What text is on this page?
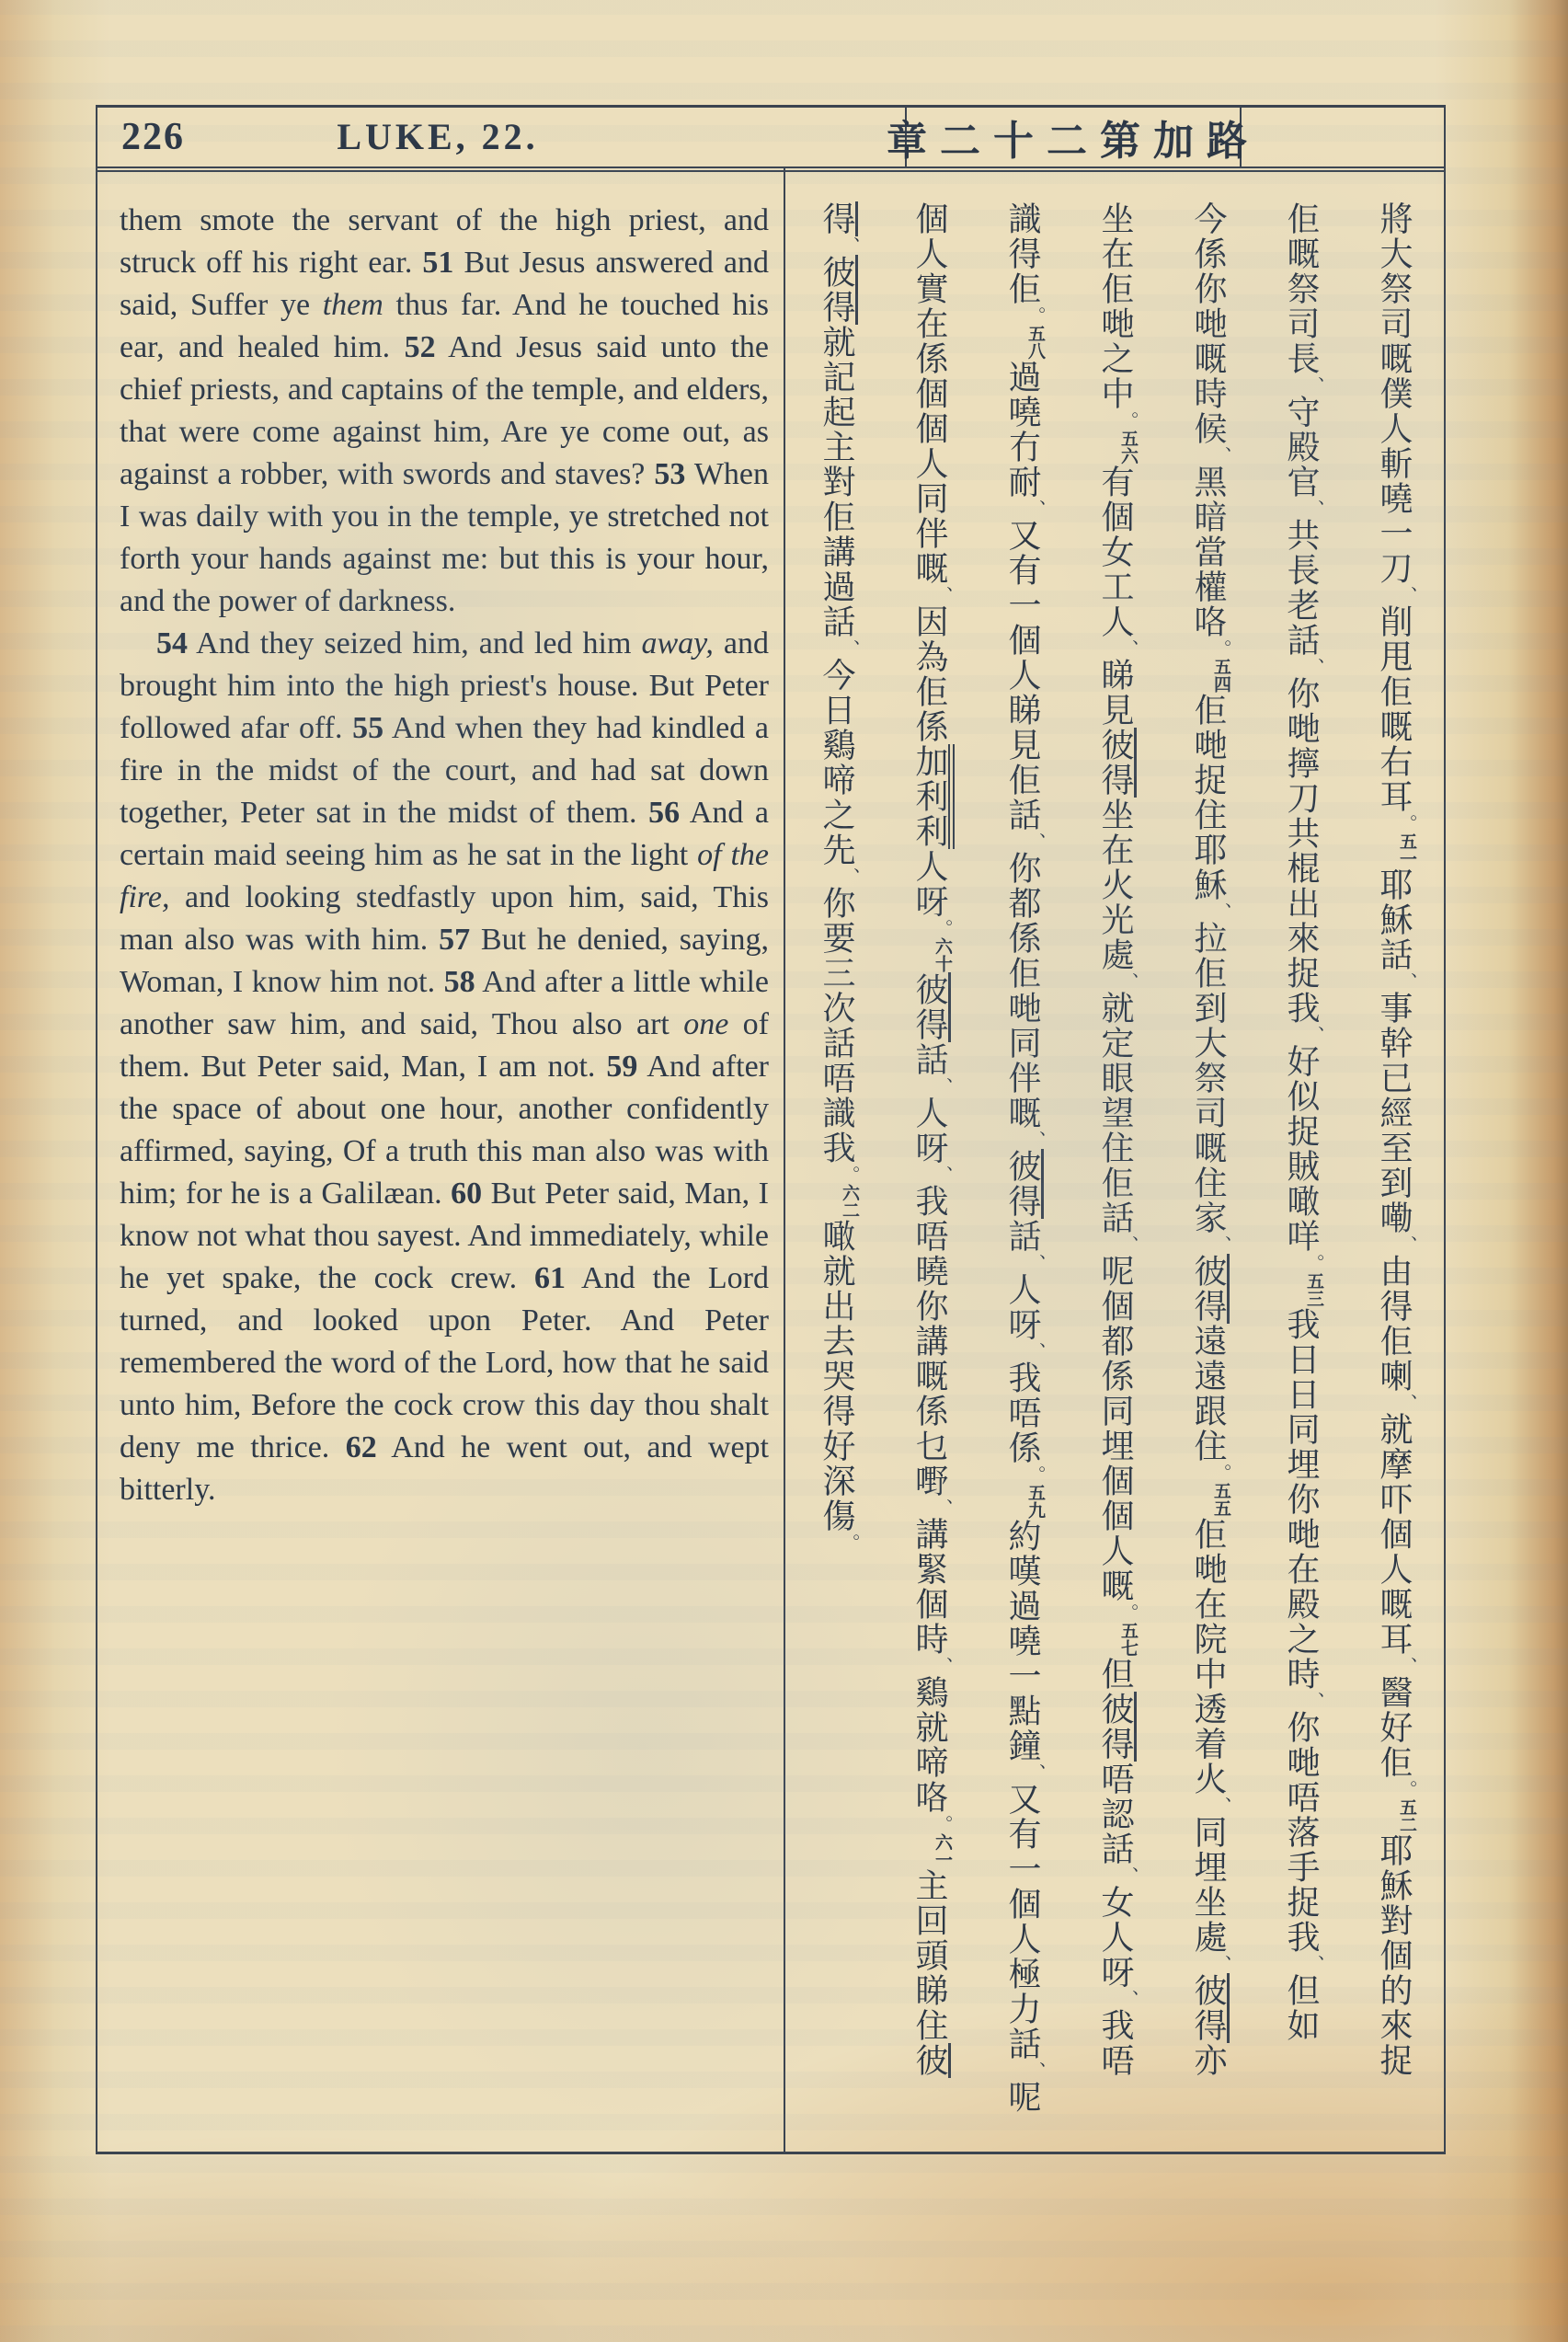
226	LUKE, 22.	章二十二第加路

them smote the servant of the high priest, and struck off his right ear. 51 But Jesus answered and said, Suffer ye them thus far. And he touched his ear, and healed him. 52 And Jesus said unto the chief priests, and captains of the temple, and elders, that were come against him, Are ye come out, as against a robber, with swords and staves? 53 When I was daily with you in the temple, ye stretched not forth your hands against me: but this is your hour, and the power of darkness.

54 And they seized him, and led him away, and brought him into the high priest's house. But Peter followed afar off. 55 And when they had kindled a fire in the midst of the court, and had sat down together, Peter sat in the midst of them. 56 And a certain maid seeing him as he sat in the light of the fire, and looking stedfastly upon him, said, This man also was with him. 57 But he denied, saying, Woman, I know him not. 58 And after a little while another saw him, and said, Thou also art one of them. But Peter said, Man, I am not. 59 And after the space of about one hour, another confidently affirmed, saying, Of a truth this man also was with him; for he is a Galilæan. 60 But Peter said, Man, I know not what thou sayest. And immediately, while he yet spake, the cock crew. 61 And the Lord turned, and looked upon Peter. And Peter remembered the word of the Lord, how that he said unto him, Before the cock crow this day thou shalt deny me thrice. 62 And he went out, and wept bitterly.

將大祭司嘅僕人斬嘵一刀、削甩佢嘅右耳$^{。五一}$耶穌話、事幹已經至到嘞、由得佢喇、就摩吓個人嘅耳、醫好佢$^{。五二}$耶穌對個的來捉
佢嘅祭司長、守殿官、共長老話、你哋擰刀共棍出來捉我、好似捉賊噉咩$^{。五三}$我日日同埋你哋在殿之時、你哋唔落手捉我、但如
今係你哋嘅時候、黑暗當權咯$^{。五四}$佢哋捉住耶穌、拉佢到大祭司嘅住家、彼得遠遠跟住$^{。五五}$佢哋在院中透着火、同埋坐處、彼得亦
坐在佢哋之中$^{。五六}$有個女工人、睇見彼得坐在火光處、就定眼望住佢話、呢個都係同埋個個人嘅$^{。五七}$但彼得唔認話、女人呀、我唔
識得佢$^{。五八}$過嘵冇耐、又有一個人睇見佢話、你都係佢哋同伴嘅、彼得話、人呀、我唔係$^{。五九}$約嘆過嘵一點鐘、又有一個人極力話、呢
個人實在係個個人同伴嘅、因為佢係加利利人呀$^{。六十}$彼得話、人呀、我唔曉你講嘅係乜嘢、講緊個時、鷄就啼咯$^{。六一}$主回頭睇住彼
得、彼得就記起主對佢講過話、今日鷄啼之先、你要三次話唔識我$^{。六二}$噉就出去哭得好深傷。
